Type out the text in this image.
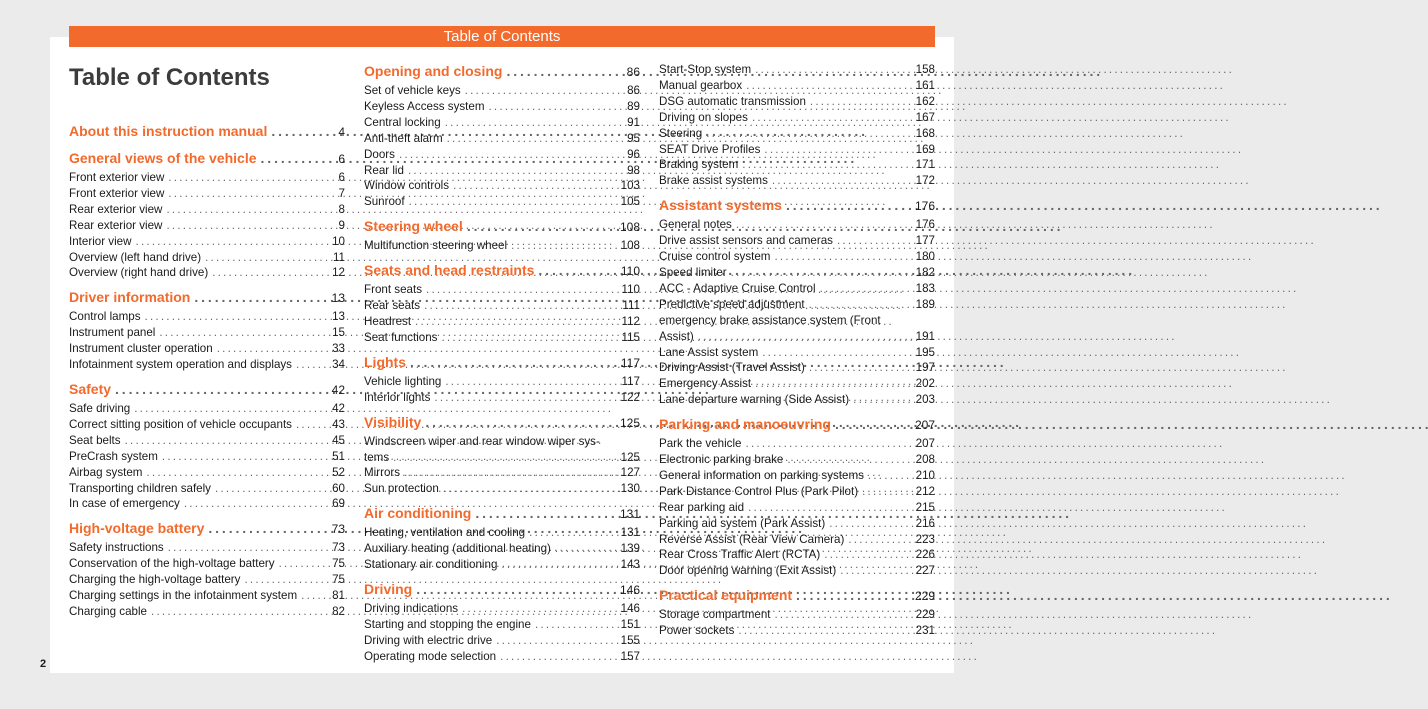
Table of Contents
2
Table of Contents
About this instruction manual . . .	4
General views of the vehicle . . .	6
Front exterior view . . .	6
Front exterior view . . .	7
Rear exterior view . . .	8
Rear exterior view . . .	9
Interior view . . .	10
Overview (left hand drive) . . .	11
Overview (right hand drive) . . .	12
Driver information . . .	13
Control lamps . . .	13
Instrument panel . . .	15
Instrument cluster operation . . .	33
Infotainment system operation and displays . . .	34
Safety . . .	42
Safe driving . . .	42
Correct sitting position of vehicle occupants . . .	43
Seat belts . . .	45
PreCrash system . . .	51
Airbag system . . .	52
Transporting children safely . . .	60
In case of emergency . . .	69
High-voltage battery . . .	73
Safety instructions . . .	73
Conservation of the high-voltage battery . . .	75
Charging the high-voltage battery . . .	75
Charging settings in the infotainment system . . .	81
Charging cable . . .	82
Opening and closing . . .	86
Set of vehicle keys . . .	86
Keyless Access system . . .	89
Central locking . . .	91
Anti-theft alarm . . .	95
Doors . . .	96
Rear lid . . .	98
Window controls . . .	103
Sunroof . . .	105
Steering wheel . . .	108
Multifunction steering wheel . . .	108
Seats and head restraints . . .	110
Front seats . . .	110
Rear seats . . .	111
Headrest . . .	112
Seat functions . . .	115
Lights . . .	117
Vehicle lighting . . .	117
Interior lights . . .	122
Visibility . . .	125
Windscreen wiper and rear window wiper sys-
tems . . .	125
Mirrors . . .	127
Sun protection . . .	130
Air conditioning . . .	131
Heating, ventilation and cooling . . .	131
Auxiliary heating (additional heating) . . .	139
Stationary air conditioning . . .	143
Driving . . .	146
Driving indications . . .	146
Starting and stopping the engine . . .	151
Driving with electric drive . . .	155
Operating mode selection . . .	157
Start-Stop system . . .	158
Manual gearbox . . .	161
DSG automatic transmission . . .	162
Driving on slopes . . .	167
Steering . . .	168
SEAT Drive Profiles . . .	169
Braking system . . .	171
Brake assist systems . . .	172
Assistant systems . . .	176
General notes . . .	176
Drive assist sensors and cameras . . .	177
Cruise control system . . .	180
Speed limiter . . .	182
ACC - Adaptive Cruise Control . . .	183
Predictive speed adjustment . . .	189
emergency brake assistance system (Front
Assist) . . .	191
Lane Assist system . . .	195
Driving Assist (Travel Assist) . . .	197
Emergency Assist . . .	202
Lane departure warning (Side Assist) . . .	203
Parking and manoeuvring . . .	207
Park the vehicle . . .	207
Electronic parking brake . . .	208
General information on parking systems . . .	210
Park Distance Control Plus (Park Pilot) . . .	212
Rear parking aid . . .	215
Parking aid system (Park Assist) . . .	216
Reverse Assist (Rear View Camera) . . .	223
Rear Cross Traffic Alert (RCTA) . . .	226
Door opening warning (Exit Assist) . . .	227
Practical equipment . . .	229
Storage compartment . . .	229
Power sockets . . .	231
